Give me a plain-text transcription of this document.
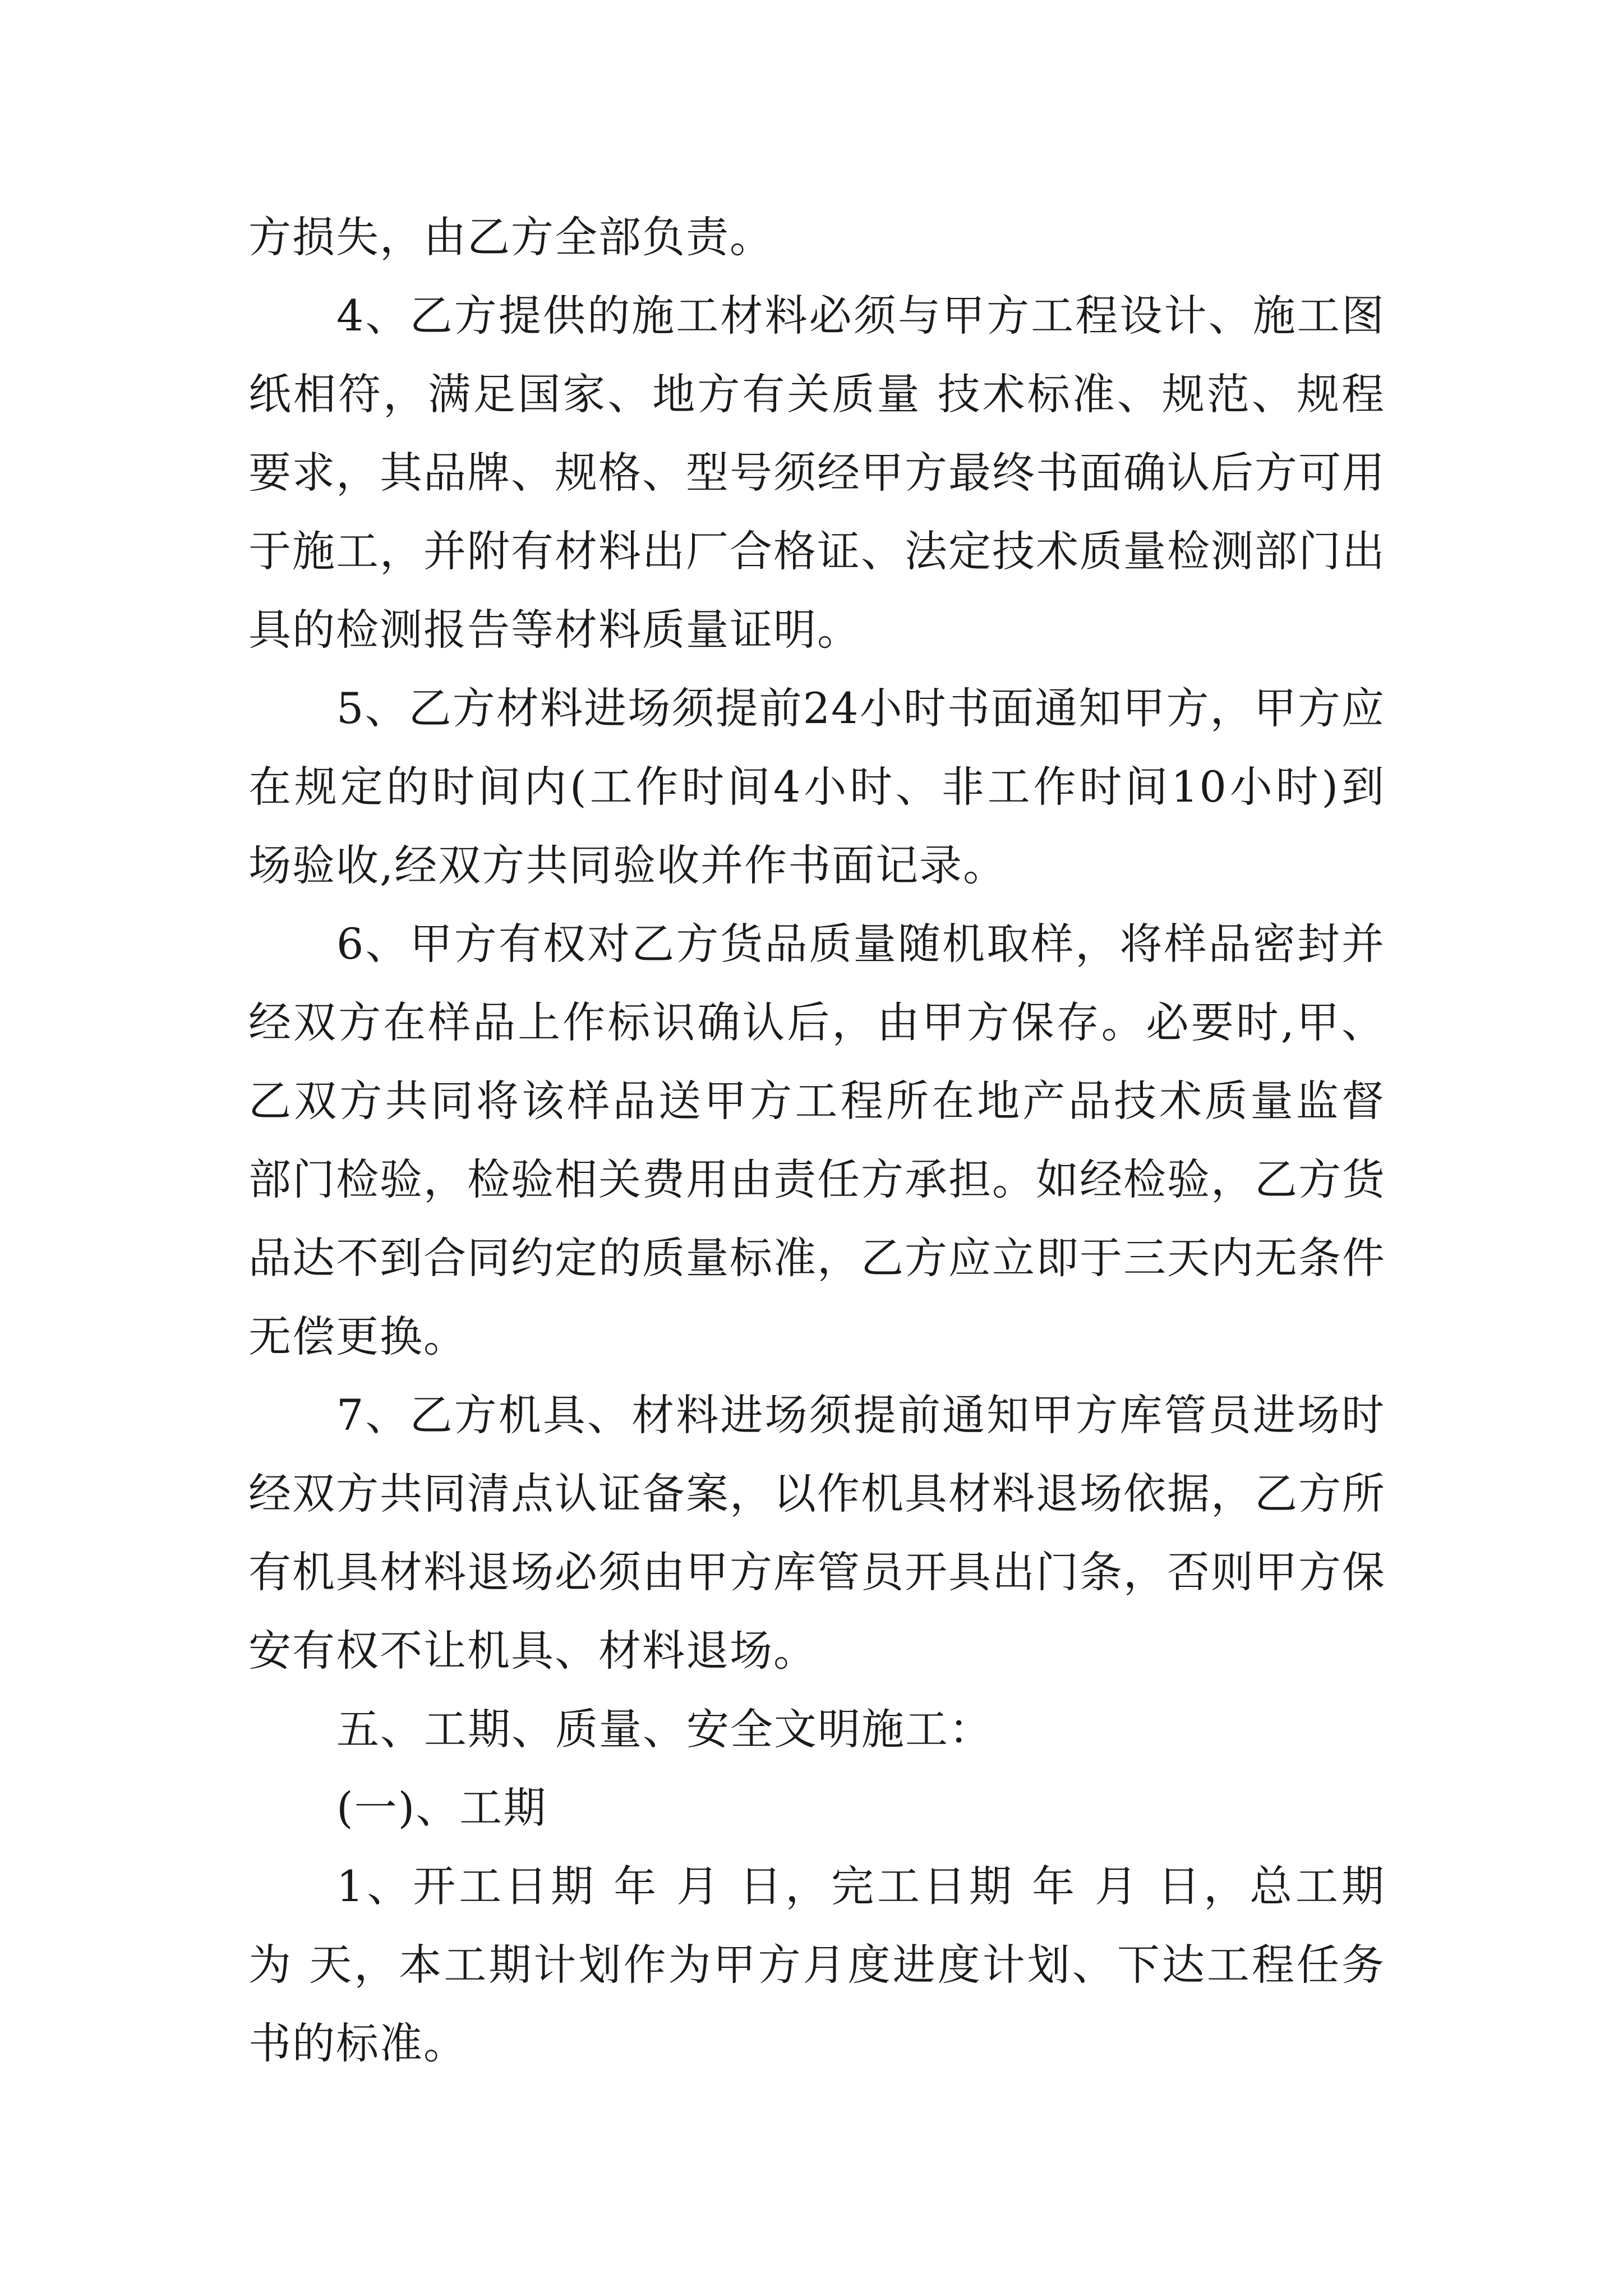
方损失，由乙方全部负责。

4、乙方提供的施工材料必须与甲方工程设计、施工图

纸相符，满足国家、地方有关质量 技术标准、规范、规程

要求，其品牌、规格、型号须经甲方最终书面确认后方可用

于施工，并附有材料出厂合格证、法定技术质量检测部门出

具的检测报告等材料质量证明。

5、乙方材料进场须提前24小时书面通知甲方，甲方应

在规定的时间内(工作时间4小时、非工作时间10小时)到

场验收,经双方共同验收并作书面记录。

6、甲方有权对乙方货品质量随机取样，将样品密封并

经双方在样品上作标识确认后，由甲方保存。必要时,甲、

乙双方共同将该样品送甲方工程所在地产品技术质量监督

部门检验，检验相关费用由责任方承担。如经检验，乙方货

品达不到合同约定的质量标准，乙方应立即于三天内无条件

无偿更换。

7、乙方机具、材料进场须提前通知甲方库管员进场时

经双方共同清点认证备案，以作机具材料退场依据，乙方所

有机具材料退场必须由甲方库管员开具出门条，否则甲方保

安有权不让机具、材料退场。

五、工期、质量、安全文明施工：

(一)、工期

1、开工日期 年 月 日，完工日期 年 月 日，总工期

为 天，本工期计划作为甲方月度进度计划、下达工程任务

书的标准。
